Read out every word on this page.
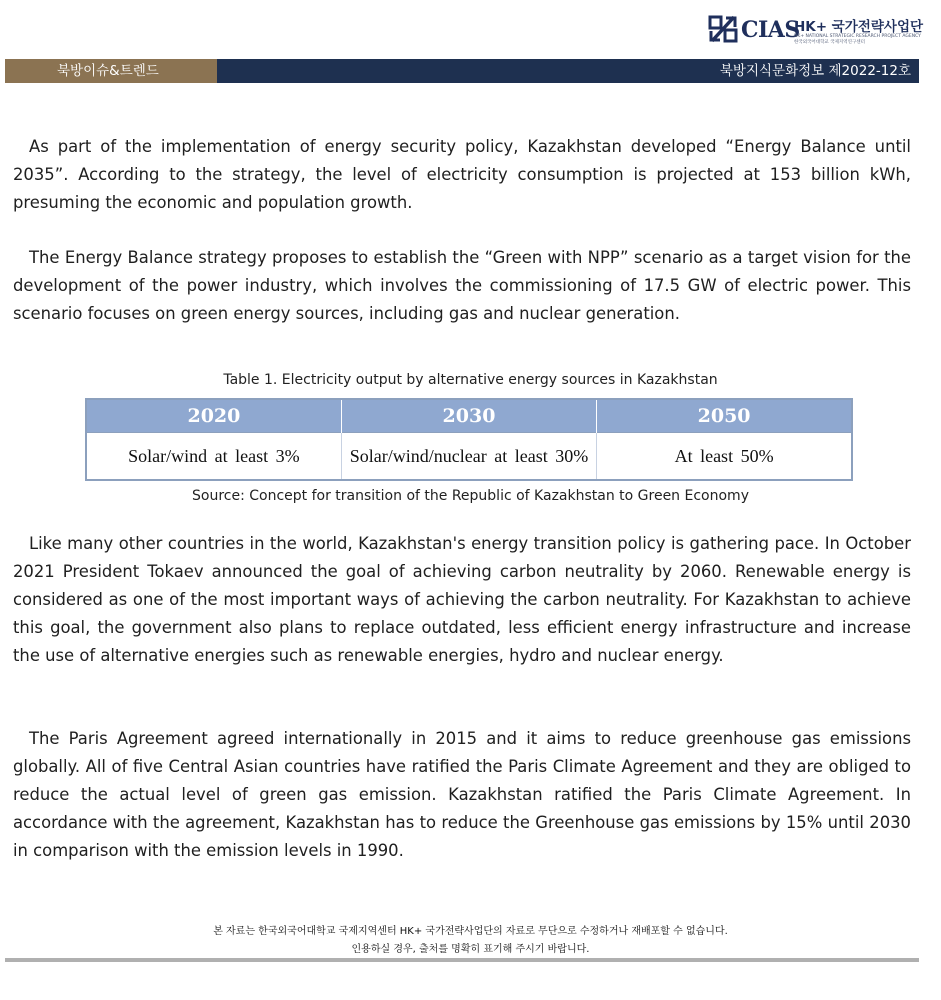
CIAS
HK+ 국가전략사업단
HK+ NATIONAL STRATEGIC RESEARCH PROJECT AGENCY
한국외국어대학교 국제지역연구센터
북방이슈&트렌드	북방지식문화정보 제2022-12호

As part of the implementation of energy security policy, Kazakhstan developed “Energy Balance until 2035”. According to the strategy, the level of electricity consumption is projected at 153 billion kWh, presuming the economic and population growth.

The Energy Balance strategy proposes to establish the “Green with NPP” scenario as a target vision for the development of the power industry, which involves the commissioning of 17.5 GW of electric power. This scenario focuses on green energy sources, including gas and nuclear generation.

Table 1. Electricity output by alternative energy sources in Kazakhstan
2020	2030	2050
Solar/wind at least 3%	Solar/wind/nuclear at least 30%	At least 50%
Source: Concept for transition of the Republic of Kazakhstan to Green Economy

Like many other countries in the world, Kazakhstan's energy transition policy is gathering pace. In October 2021 President Tokaev announced the goal of achieving carbon neutrality by 2060. Renewable energy is considered as one of the most important ways of achieving the carbon neutrality. For Kazakhstan to achieve this goal, the government also plans to replace outdated, less efficient energy infrastructure and increase the use of alternative energies such as renewable energies, hydro and nuclear energy.

The Paris Agreement agreed internationally in 2015 and it aims to reduce greenhouse gas emissions globally. All of five Central Asian countries have ratified the Paris Climate Agreement and they are obliged to reduce the actual level of green gas emission. Kazakhstan ratified the Paris Climate Agreement. In accordance with the agreement, Kazakhstan has to reduce the Greenhouse gas emissions by 15% until 2030 in comparison with the emission levels in 1990.

본 자료는 한국외국어대학교 국제지역센터 HK+ 국가전략사업단의 자료로 무단으로 수정하거나 재배포할 수 없습니다.
인용하실 경우, 출처를 명확히 표기해 주시기 바랍니다.
